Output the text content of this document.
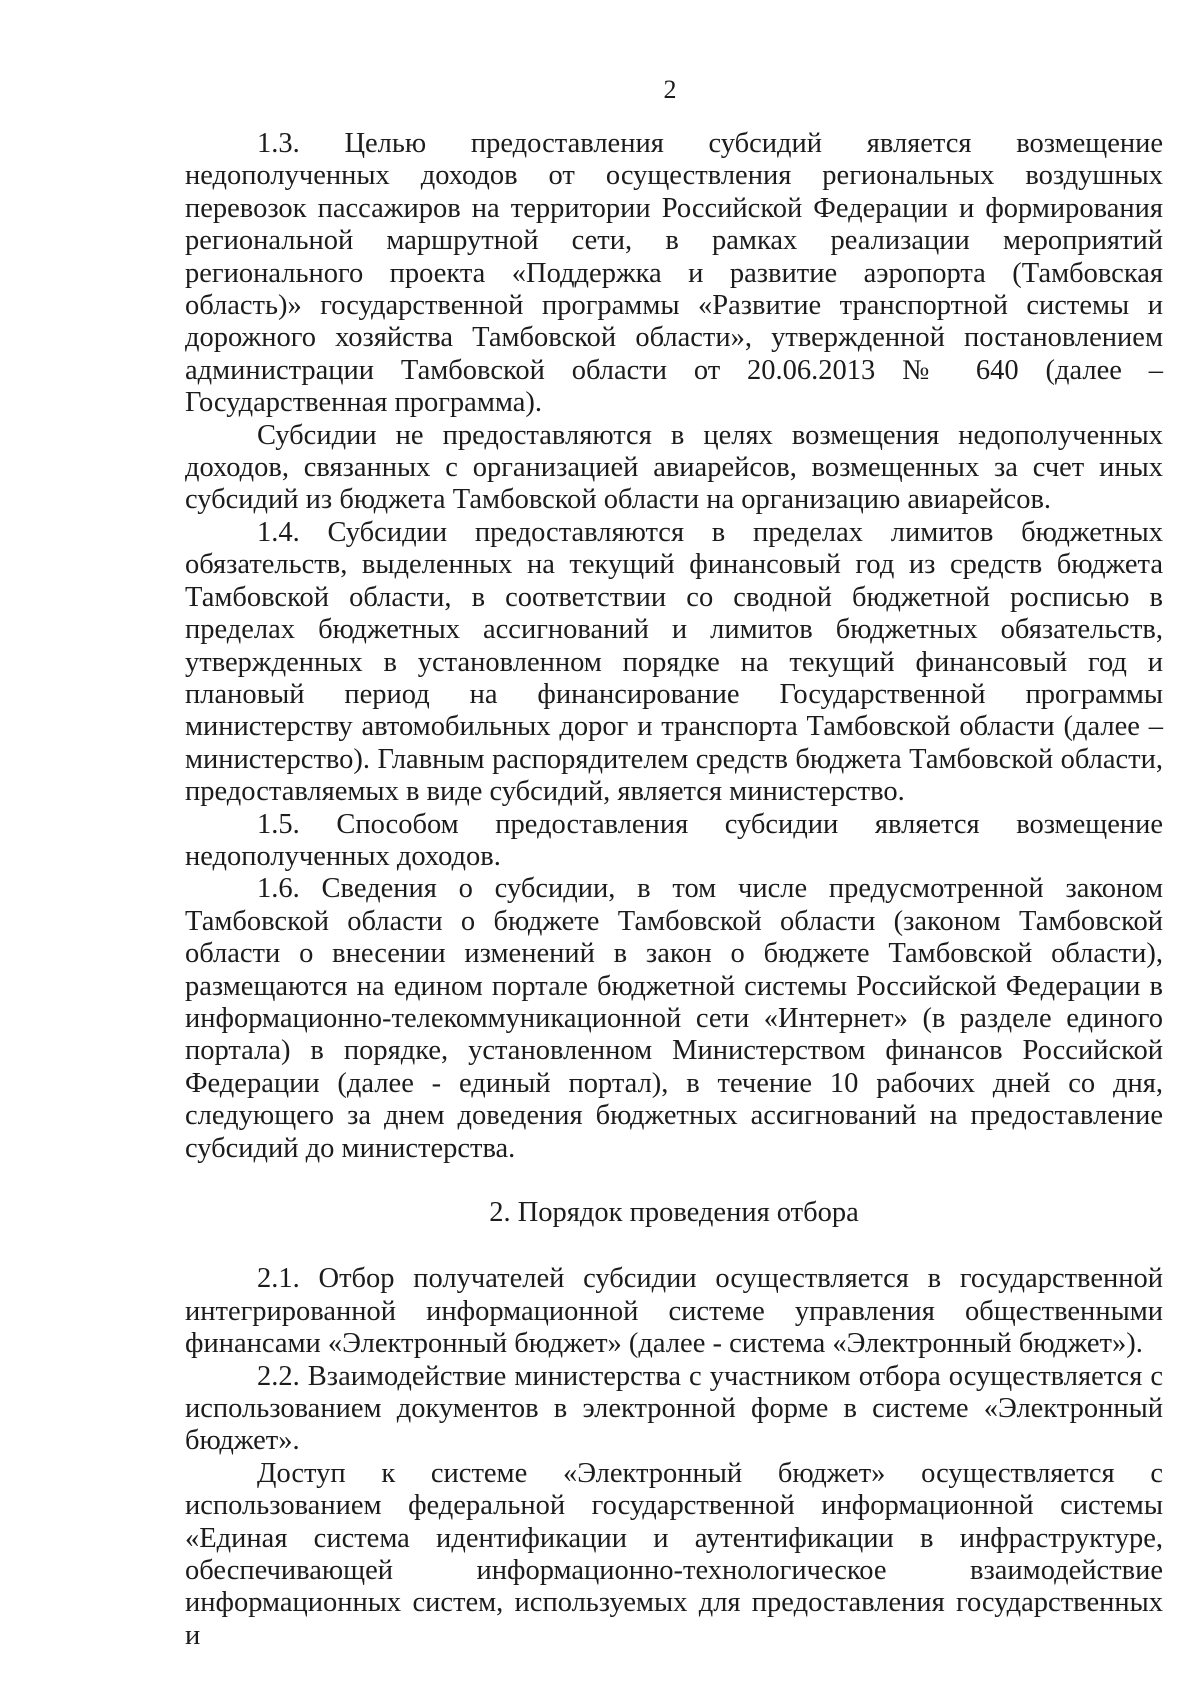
2

1.3. Целью предоставления субсидий является возмещение недополученных доходов от осуществления региональных воздушных перевозок пассажиров на территории Российской Федерации и формирования региональной маршрутной сети, в рамках реализации мероприятий регионального проекта «Поддержка и развитие аэропорта (Тамбовская область)» государственной программы «Развитие транспортной системы и дорожного хозяйства Тамбовской области», утвержденной постановлением администрации Тамбовской области от 20.06.2013 № 640 (далее – Государственная программа).

Субсидии не предоставляются в целях возмещения недополученных доходов, связанных с организацией авиарейсов, возмещенных за счет иных субсидий из бюджета Тамбовской области на организацию авиарейсов.

1.4. Субсидии предоставляются в пределах лимитов бюджетных обязательств, выделенных на текущий финансовый год из средств бюджета Тамбовской области, в соответствии со сводной бюджетной росписью в пределах бюджетных ассигнований и лимитов бюджетных обязательств, утвержденных в установленном порядке на текущий финансовый год и плановый период на финансирование Государственной программы министерству автомобильных дорог и транспорта Тамбовской области (далее – министерство). Главным распорядителем средств бюджета Тамбовской области, предоставляемых в виде субсидий, является министерство.

1.5. Способом предоставления субсидии является возмещение недополученных доходов.

1.6. Сведения о субсидии, в том числе предусмотренной законом Тамбовской области о бюджете Тамбовской области (законом Тамбовской области о внесении изменений в закон о бюджете Тамбовской области), размещаются на едином портале бюджетной системы Российской Федерации в информационно-телекоммуникационной сети «Интернет» (в разделе единого портала) в порядке, установленном Министерством финансов Российской Федерации (далее - единый портал), в течение 10 рабочих дней со дня, следующего за днем доведения бюджетных ассигнований на предоставление субсидий до министерства.

2. Порядок проведения отбора

2.1. Отбор получателей субсидии осуществляется в государственной интегрированной информационной системе управления общественными финансами «Электронный бюджет» (далее - система «Электронный бюджет»).

2.2. Взаимодействие министерства с участником отбора осуществляется с использованием документов в электронной форме в системе «Электронный бюджет».

Доступ к системе «Электронный бюджет» осуществляется с использованием федеральной государственной информационной системы «Единая система идентификации и аутентификации в инфраструктуре, обеспечивающей информационно-технологическое взаимодействие информационных систем, используемых для предоставления государственных и
